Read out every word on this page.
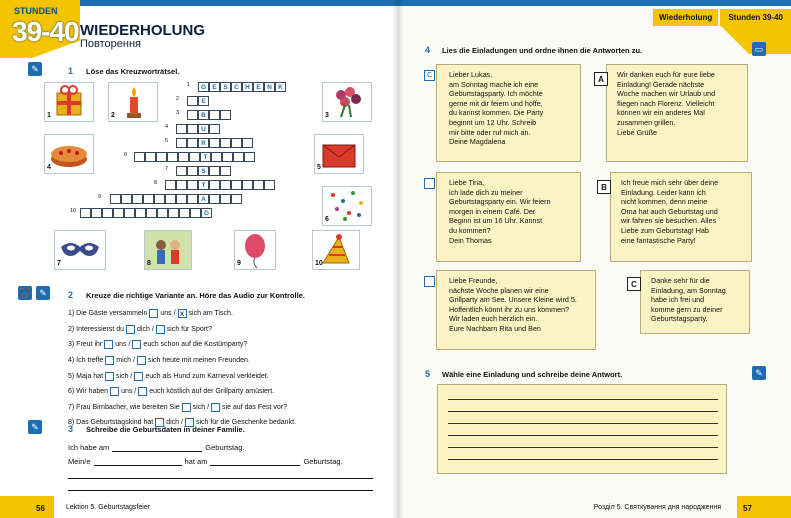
STUNDEN
39-40 WIEDERHOLUNG
Повторення
✎	1 Löse das Kreuzworträtsel.
1	2	3
4	5
6
7	8	9	10
1	G E	S C H E N K
2	E
3	B
4	U
5	R
6	T
7	S
8	T
9	A
10	G
🎧 ✎	2 Kreuze die richtige Variante an. Höre das Audio zur Kontrolle.
1) Die Gäste versammeln uns / x sich am Tisch.
2) Interessierst du dich / sich für Sport?
3) Freut ihr uns / euch schon auf die Kostümparty?
4) Ich treffe mich / sich heute mit meinen Freunden.
5) Maja hat sich / euch als Hund zum Karneval verkleidet.
6) Wir haben uns / euch köstlich auf der Grillparty amüsiert.
7) Frau Birnbacher, wie bereiten Sie sich / sie auf das Fest vor?
8) Das Geburtstagskind hat dich / sich für die Geschenke bedankt.
✎	3 Schreibe die Geburtsdaten in deiner Familie.
Ich habe am	Geburtstag.
Mein/e	hat am	Geburtstag.
56	Lektion 5. Geburtstagsfeier
Wiederholung	Stunden 39-40
▭
4 Lies die Einladungen und ordne ihnen die Antworten zu.
C	Lieber Lukas,
am Sonntag mache ich eine
Geburtstagsparty. Ich möchte
gerne mit dir feiern und hoffe,
du kannst kommen. Die Party
beginnt um 12 Uhr. Schreib
mir bitte oder ruf mich an.
Deine Magdalena
Liebe Tina,
ich lade dich zu meiner
Geburtstagsparty ein. Wir feiern
morgen in einem Café. Der
Beginn ist um 16 Uhr. Kannst
du kommen?
Dein Thomas
Liebe Freunde,
nächste Woche planen wir eine
Grillparty am See. Unsere Kleine wird 5.
Hoffentlich könnt ihr zu uns kommen?
Wir laden euch herzlich ein.
Eure Nachbarn Rita und Ben
Wir danken euch für eure liebe
Einladung! Gerade nächste
Woche machen wir Urlaub und
fliegen nach Florenz. Vielleicht
können wir ein anderes Mal
zusammen grillen.
Liebe Grüße
A
Ich freue mich sehr über deine
Einladung. Leider kann ich
nicht kommen, denn meine
Oma hat auch Geburtstag und
wir fahren sie besuchen. Alles
Liebe zum Geburtstag! Hab
eine fantastische Party!
B
Danke sehr für die
Einladung, am Sonntag
habe ich frei und
komme gern zu deiner
Geburtstagsparty.
C
5 Wähle eine Einladung und schreibe deine Antwort.	✎
Розділ 5. Святкування дня народження	57
